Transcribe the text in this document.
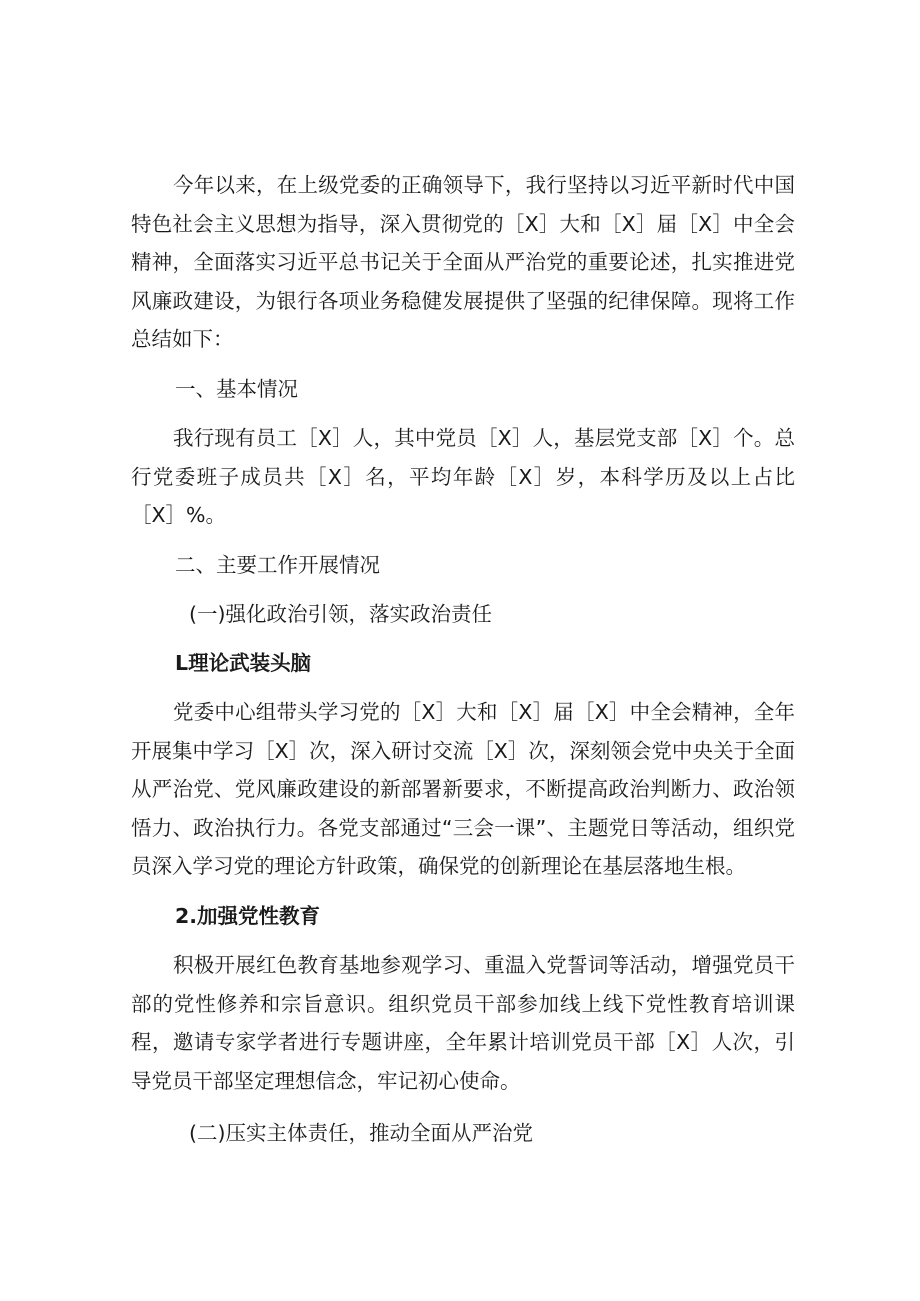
今年以来，在上级党委的正确领导下，我行坚持以习近平新时代中国特色社会主义思想为指导，深入贯彻党的［X］大和［X］届［X］中全会精神，全面落实习近平总书记关于全面从严治党的重要论述，扎实推进党风廉政建设，为银行各项业务稳健发展提供了坚强的纪律保障。现将工作总结如下：

一、基本情况

我行现有员工［X］人，其中党员［X］人，基层党支部［X］个。总行党委班子成员共［X］名，平均年龄［X］岁，本科学历及以上占比［X］%。

二、主要工作开展情况

(一)强化政治引领，落实政治责任

L理论武装头脑

党委中心组带头学习党的［X］大和［X］届［X］中全会精神，全年开展集中学习［X］次，深入研讨交流［X］次，深刻领会党中央关于全面从严治党、党风廉政建设的新部署新要求，不断提高政治判断力、政治领悟力、政治执行力。各党支部通过“三会一课”、主题党日等活动，组织党员深入学习党的理论方针政策，确保党的创新理论在基层落地生根。

2.加强党性教育

积极开展红色教育基地参观学习、重温入党誓词等活动，增强党员干部的党性修养和宗旨意识。组织党员干部参加线上线下党性教育培训课程，邀请专家学者进行专题讲座，全年累计培训党员干部［X］人次，引导党员干部坚定理想信念，牢记初心使命。

(二)压实主体责任，推动全面从严治党
